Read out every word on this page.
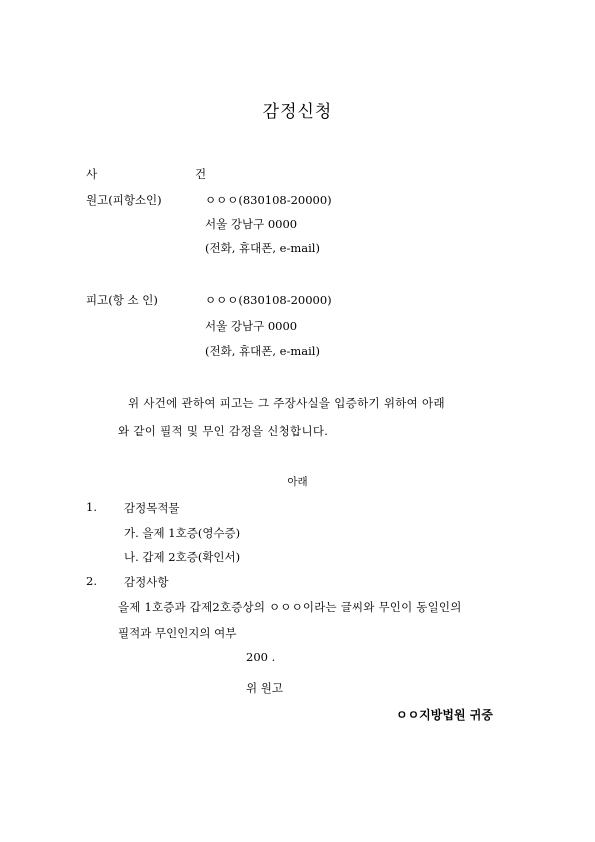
감정신청
사	건
원고(피항소인)	ㅇㅇㅇ(830108-20000)
서울 강남구 0000
(전화, 휴대폰, e-mail)
피고(항 소 인)	ㅇㅇㅇ(830108-20000)
서울 강남구 0000
(전화, 휴대폰, e-mail)
위 사건에 관하여 피고는 그 주장사실을 입증하기 위하여 아래
와 같이 필적 및 무인 감정을 신청합니다.
아래
1. 감정목적물
가. 을제 1호증(영수증)
나. 갑제 2호증(확인서)
2. 감정사항
을제 1호증과 갑제2호증상의 ㅇㅇㅇ이라는 글씨와 무인이 동일인의
필적과 무인인지의 여부
200 .
위 원고
ㅇㅇ지방법원 귀중
